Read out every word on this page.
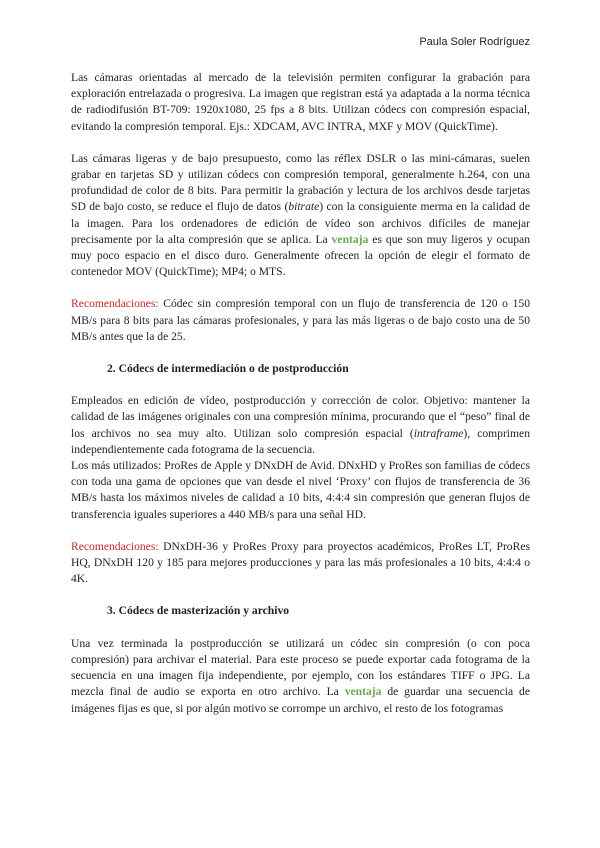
Paula Soler Rodríguez

Las cámaras orientadas al mercado de la televisión permiten configurar la grabación para exploración entrelazada o progresiva. La imagen que registran está ya adaptada a la norma técnica de radiodifusión BT-709: 1920x1080, 25 fps a 8 bits. Utilizan códecs con compresión espacial, evitando la compresión temporal. Ejs.: XDCAM, AVC INTRA, MXF y MOV (QuickTime).

Las cámaras ligeras y de bajo presupuesto, como las réflex DSLR o las mini-cámaras, suelen grabar en tarjetas SD y utilizan códecs con compresión temporal, generalmente h.264, con una profundidad de color de 8 bits. Para permitir la grabación y lectura de los archivos desde tarjetas SD de bajo costo, se reduce el flujo de datos (bitrate) con la consiguiente merma en la calidad de la imagen. Para los ordenadores de edición de vídeo son archivos difíciles de manejar precisamente por la alta compresión que se aplica. La ventaja es que son muy ligeros y ocupan muy poco espacio en el disco duro. Generalmente ofrecen la opción de elegir el formato de contenedor MOV (QuickTime); MP4; o MTS.

Recomendaciones: Códec sin compresión temporal con un flujo de transferencia de 120 o 150 MB/s para 8 bits para las cámaras profesionales, y para las más ligeras o de bajo costo una de 50 MB/s antes que la de 25.

2. Códecs de intermediación o de postproducción

Empleados en edición de vídeo, postproducción y corrección de color. Objetivo: mantener la calidad de las imágenes originales con una compresión mínima, procurando que el “peso” final de los archivos no sea muy alto. Utilizan solo compresión espacial (intraframe), comprimen independientemente cada fotograma de la secuencia.

Los más utilizados: ProRes de Apple y DNxDH de Avid. DNxHD y ProRes son familias de códecs con toda una gama de opciones que van desde el nivel ‘Proxy’ con flujos de transferencia de 36 MB/s hasta los máximos niveles de calidad a 10 bits, 4:4:4 sin compresión que generan flujos de transferencia iguales superiores a 440 MB/s para una señal HD.

Recomendaciones: DNxDH-36 y ProRes Proxy para proyectos académicos, ProRes LT, ProRes HQ, DNxDH 120 y 185 para mejores producciones y para las más profesionales a 10 bits, 4:4:4 o 4K.

3. Códecs de masterización y archivo

Una vez terminada la postproducción se utilizará un códec sin compresión (o con poca compresión) para archivar el material. Para este proceso se puede exportar cada fotograma de la secuencia en una imagen fija independiente, por ejemplo, con los estándares TIFF o JPG. La mezcla final de audio se exporta en otro archivo. La ventaja de guardar una secuencia de imágenes fijas es que, si por algún motivo se corrompe un archivo, el resto de los fotogramas
